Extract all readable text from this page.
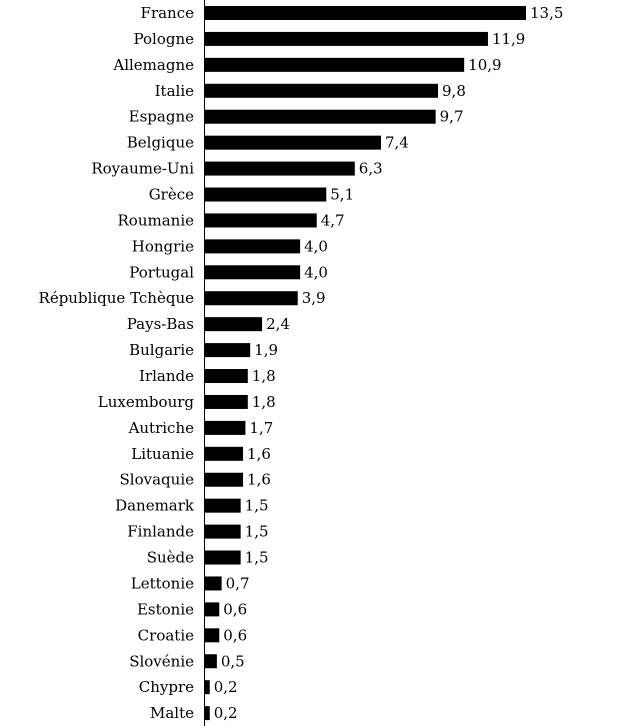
France
Pologne
Allemagne
Italie
Espagne
Belgique
Royaume-Uni
Grèce
Roumanie
Hongrie
Portugal
République Tchèque
Pays-Bas
Bulgarie
Irlande
Luxembourg
Autriche
Lituanie
Slovaquie
Danemark
Finlande
Suède
Lettonie
Estonie
Croatie
Slovénie
Chypre
Malte
13,5
11,9
10,9
9,8
9,7
7,4
6,3
5,1
4,7
4,0
4,0
3,9
2,4
1,9
1,8
1,8
1,7
1,6
1,6
1,5
1,5
1,5
0,7
0,6
0,6
0,5
0,2
0,2
